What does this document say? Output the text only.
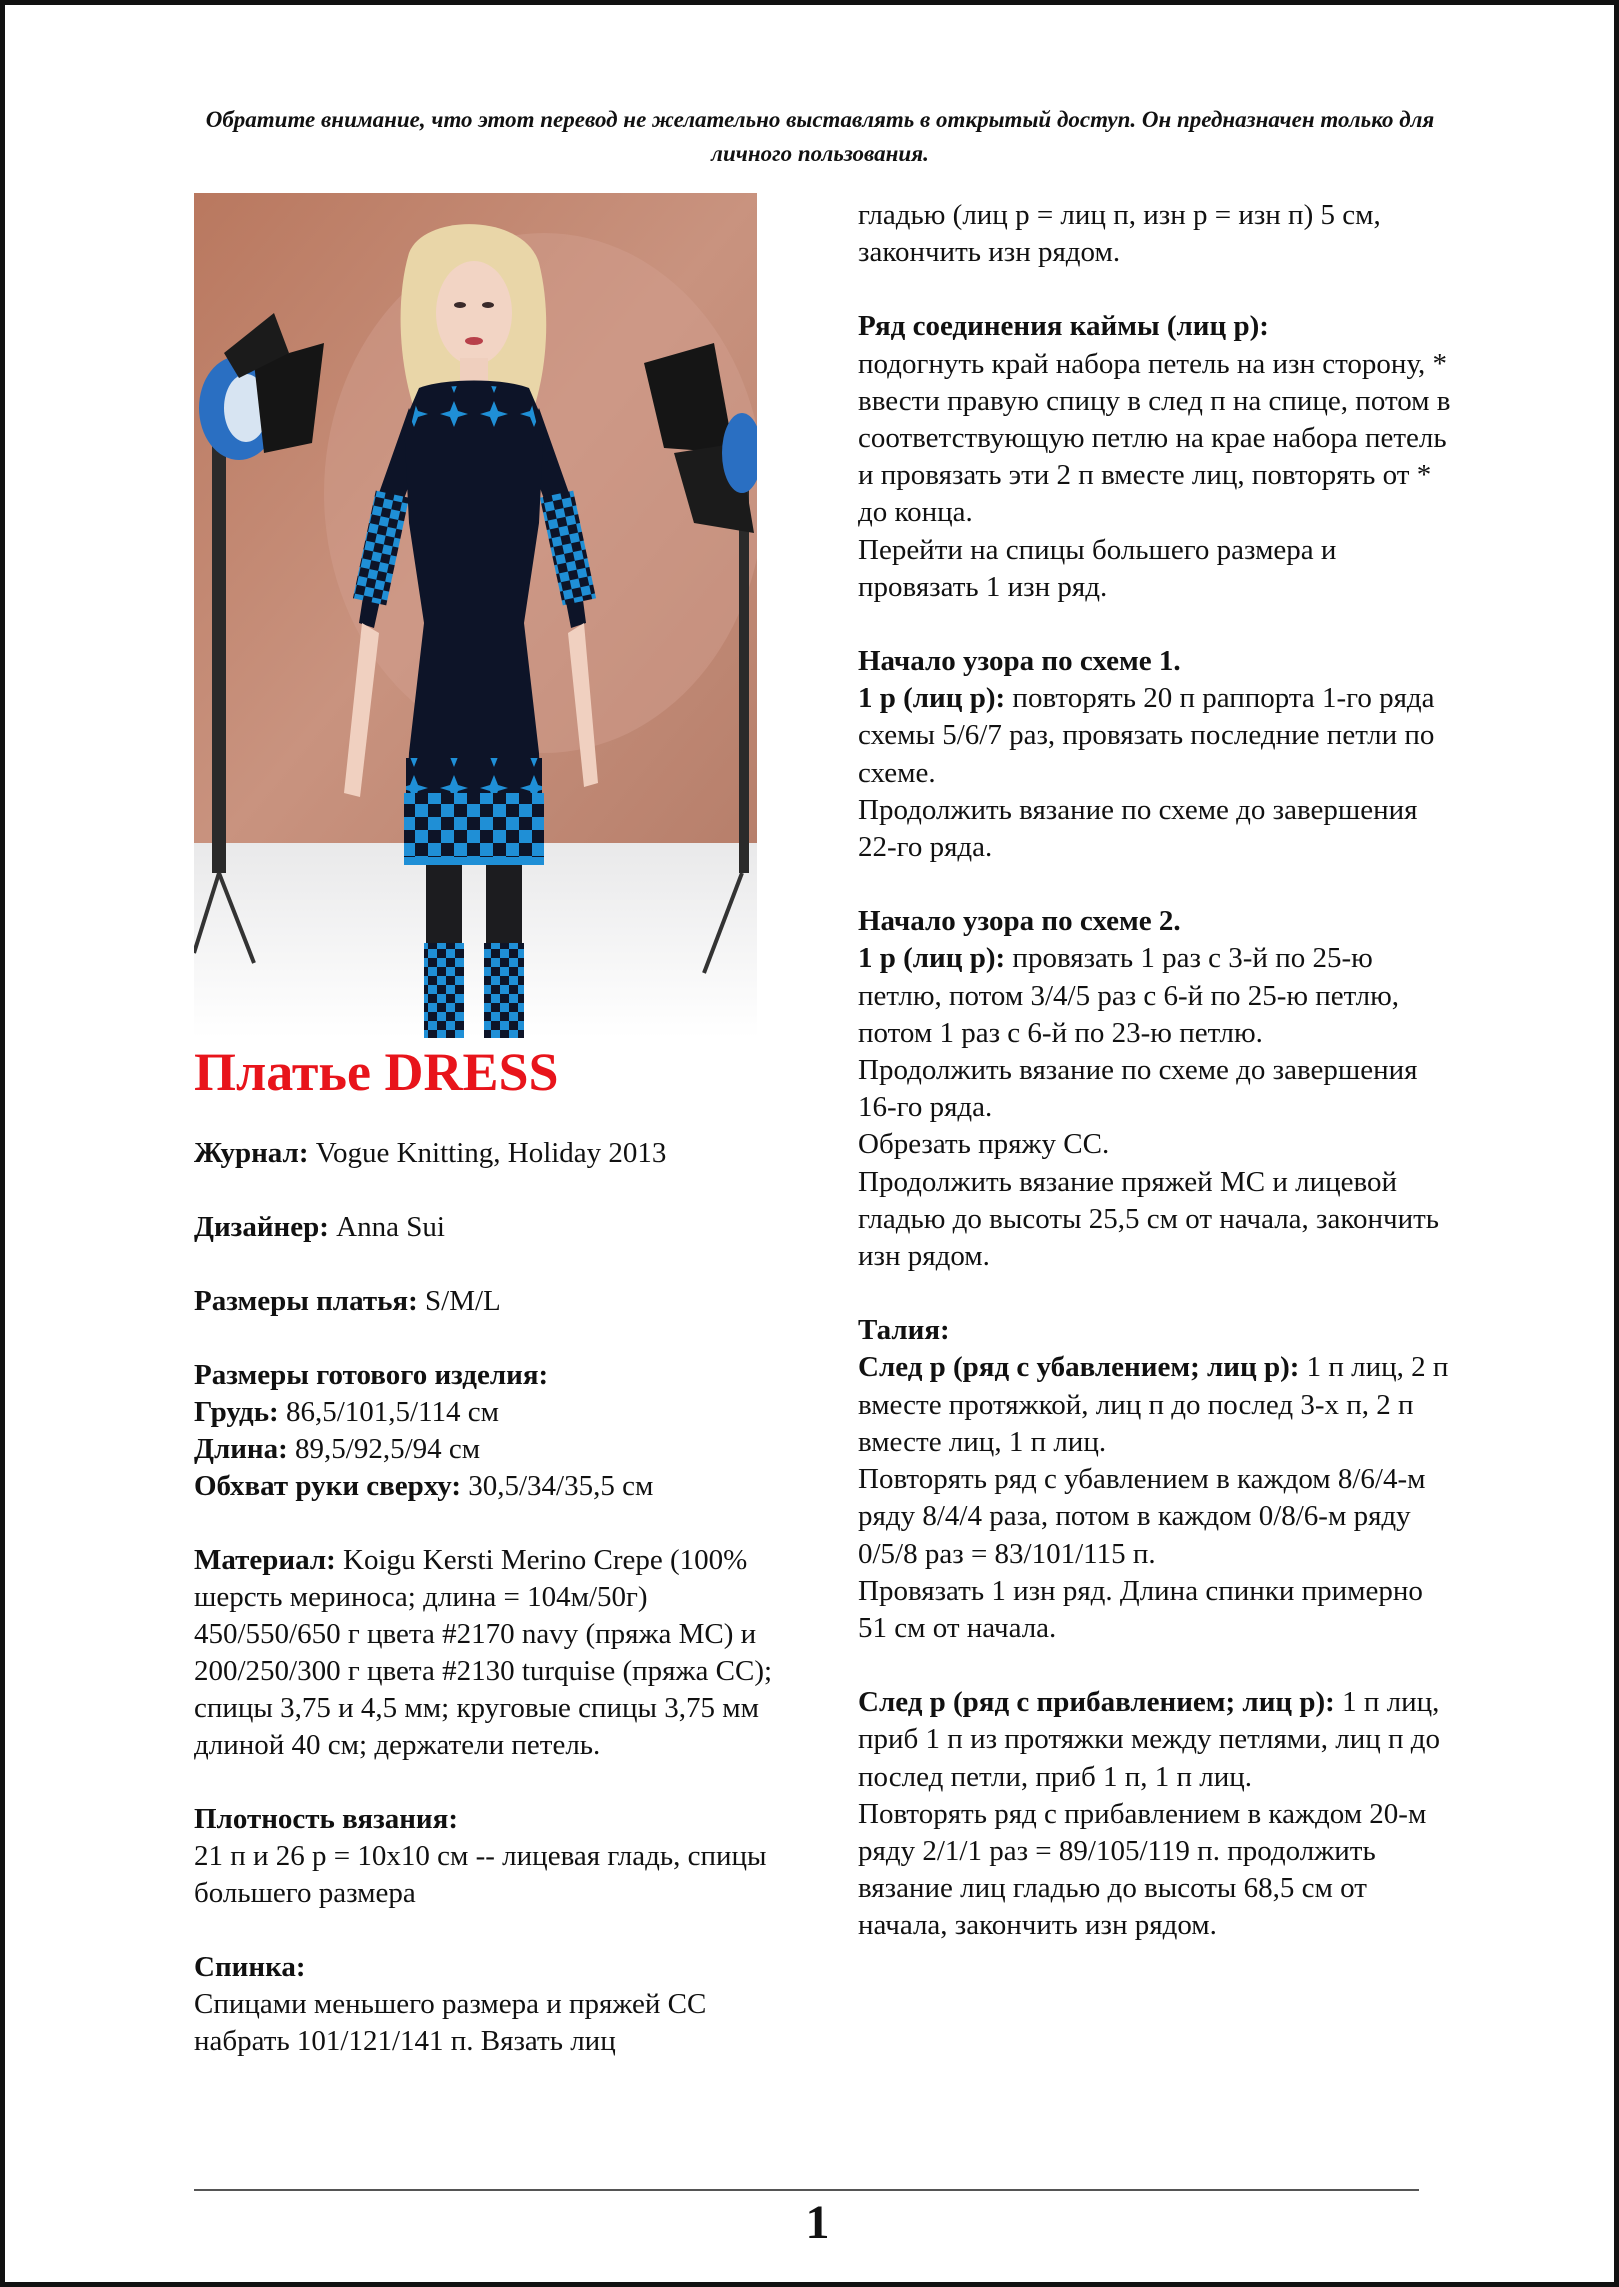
Обратите внимание, что этот перевод не желательно выставлять в открытый доступ. Он предназначен только для личного пользования.
Платье DRESS

Журнал: Vogue Knitting, Holiday 2013

Дизайнер: Anna Sui

Размеры платья: S/M/L

Размеры готового изделия:
Грудь: 86,5/101,5/114 см
Длина: 89,5/92,5/94 см
Обхват руки сверху: 30,5/34/35,5 см

Материал: Koigu Kersti Merino Crepe (100% шерсть мериноса; длина = 104м/50г) 450/550/650 г цвета #2170 navy (пряжа МС) и 200/250/300 г цвета #2130 turquise (пряжа СС); спицы 3,75 и 4,5 мм; круговые спицы 3,75 мм длиной 40 см; держатели петель.

Плотность вязания:
21 п и 26 р = 10x10 см -- лицевая гладь, спицы большего размера

Спинка:
Спицами меньшего размера и пряжей СС набрать 101/121/141 п. Вязать лиц

гладью (лиц р = лиц п, изн р = изн п) 5 см, закончить изн рядом.

Ряд соединения каймы (лиц р):
подогнуть край набора петель на изн сторону, * ввести правую спицу в след п на спице, потом в соответствующую петлю на крае набора петель и провязать эти 2 п вместе лиц, повторять от * до конца.
Перейти на спицы большего размера и провязать 1 изн ряд.

Начало узора по схеме 1.
1 р (лиц р): повторять 20 п раппорта 1-го ряда схемы 5/6/7 раз, провязать последние петли по схеме.
Продолжить вязание по схеме до завершения 22-го ряда.

Начало узора по схеме 2.
1 р (лиц р): провязать 1 раз с 3-й по 25-ю петлю, потом 3/4/5 раз с 6-й по 25-ю петлю, потом 1 раз с 6-й по 23-ю петлю.
Продолжить вязание по схеме до завершения 16-го ряда.
Обрезать пряжу СС.
Продолжить вязание пряжей МС и лицевой гладью до высоты 25,5 см от начала, закончить изн рядом.

Талия:
След р (ряд с убавлением; лиц р): 1 п лиц, 2 п вместе протяжкой, лиц п до послед 3-х п, 2 п вместе лиц, 1 п лиц.
Повторять ряд с убавлением в каждом 8/6/4-м ряду 8/4/4 раза, потом в каждом 0/8/6-м ряду 0/5/8 раз = 83/101/115 п.
Провязать 1 изн ряд. Длина спинки примерно 51 см от начала.

След р (ряд с прибавлением; лиц р): 1 п лиц, приб 1 п из протяжки между петлями, лиц п до послед петли, приб 1 п, 1 п лиц.
Повторять ряд с прибавлением в каждом 20-м ряду 2/1/1 раз = 89/105/119 п. продолжить вязание лиц гладью до высоты 68,5 см от начала, закончить изн рядом.

1
